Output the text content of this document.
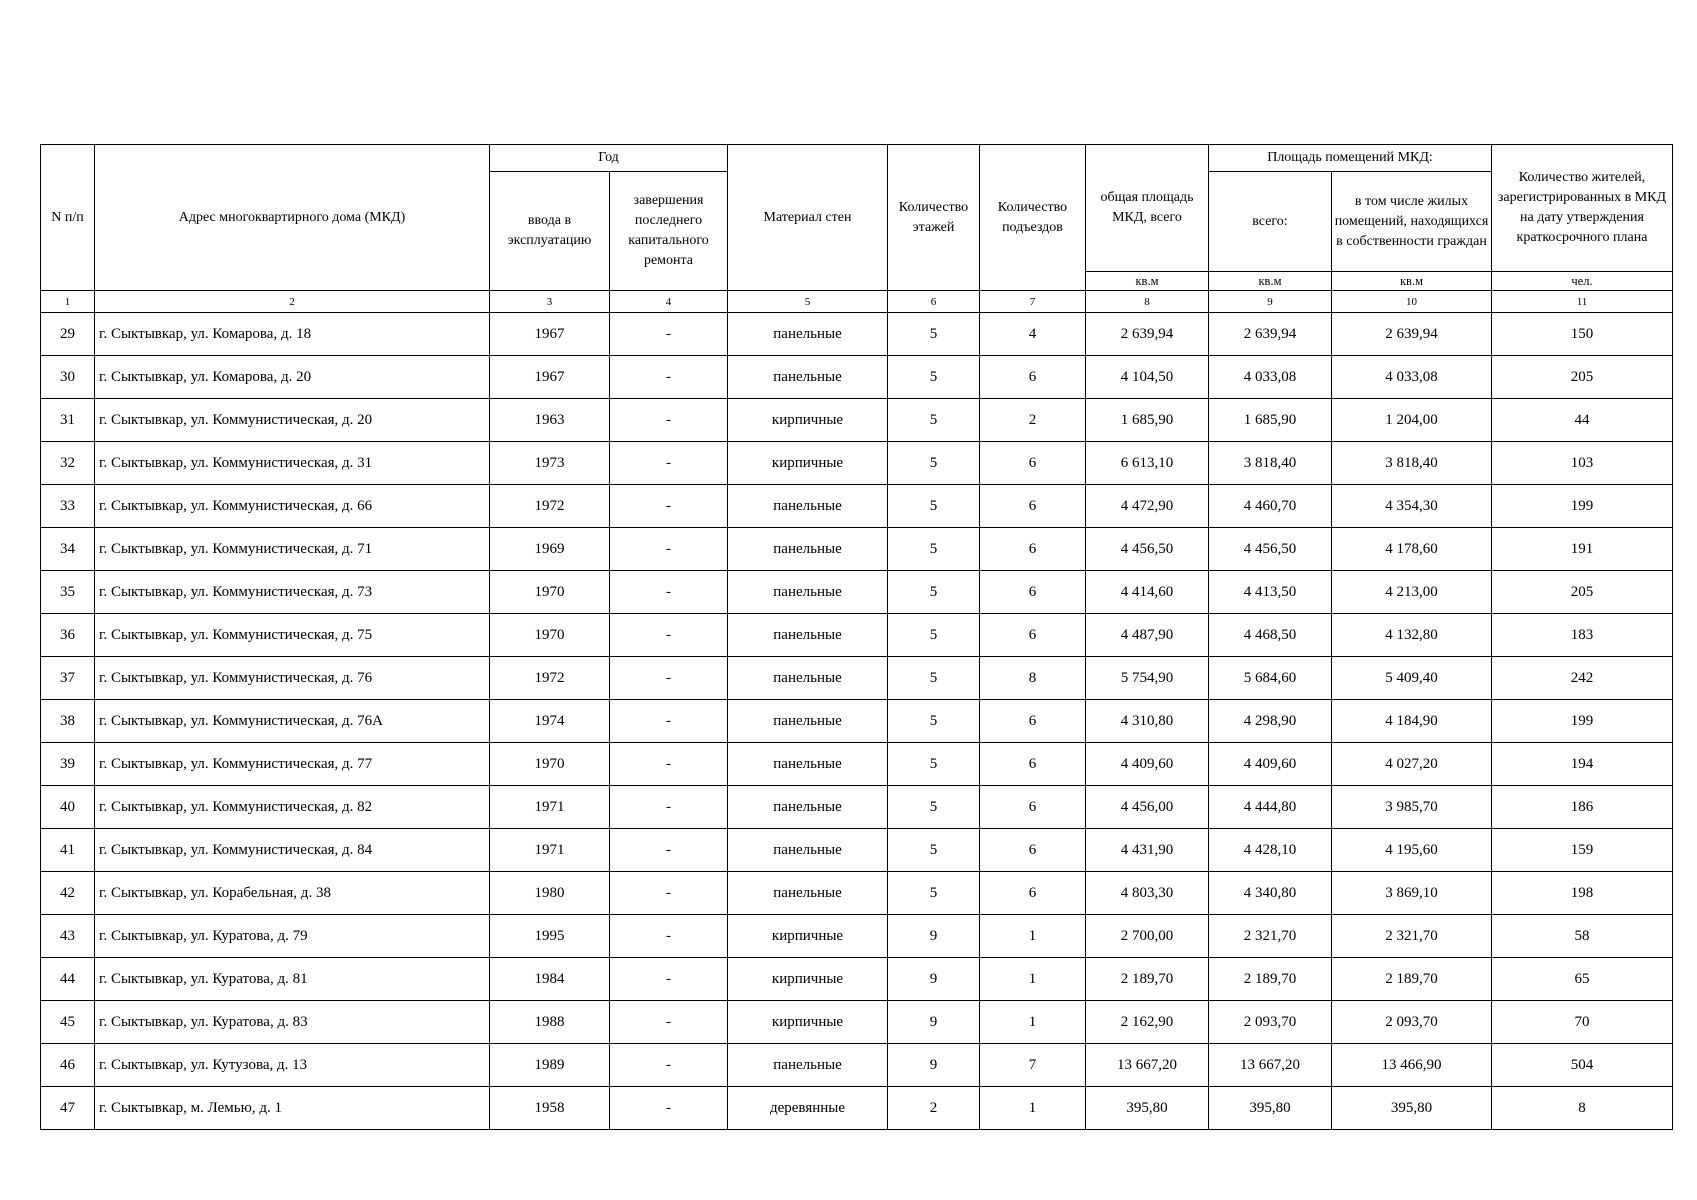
N п/п	Адрес многоквартирного дома (МКД)	Год		Материал стен	Количество этажей	Количество подъездов	общая площадь МКД, всего	Площадь помещений МКД:		Количество жителей, зарегистрированных в МКД на дату утверждения краткосрочного плана
		ввода в эксплуатацию	завершения последнего капитального ремонта					всего:	в том числе жилых помещений, находящихся в собственности граждан	
							кв.м	кв.м	кв.м	чел.
1	2	3	4	5	6	7	8	9	10	11
29	г. Сыктывкар, ул. Комарова, д. 18	1967	-	панельные	5	4	2 639,94	2 639,94	2 639,94	150
30	г. Сыктывкар, ул. Комарова, д. 20	1967	-	панельные	5	6	4 104,50	4 033,08	4 033,08	205
31	г. Сыктывкар, ул. Коммунистическая, д. 20	1963	-	кирпичные	5	2	1 685,90	1 685,90	1 204,00	44
32	г. Сыктывкар, ул. Коммунистическая, д. 31	1973	-	кирпичные	5	6	6 613,10	3 818,40	3 818,40	103
33	г. Сыктывкар, ул. Коммунистическая, д. 66	1972	-	панельные	5	6	4 472,90	4 460,70	4 354,30	199
34	г. Сыктывкар, ул. Коммунистическая, д. 71	1969	-	панельные	5	6	4 456,50	4 456,50	4 178,60	191
35	г. Сыктывкар, ул. Коммунистическая, д. 73	1970	-	панельные	5	6	4 414,60	4 413,50	4 213,00	205
36	г. Сыктывкар, ул. Коммунистическая, д. 75	1970	-	панельные	5	6	4 487,90	4 468,50	4 132,80	183
37	г. Сыктывкар, ул. Коммунистическая, д. 76	1972	-	панельные	5	8	5 754,90	5 684,60	5 409,40	242
38	г. Сыктывкар, ул. Коммунистическая, д. 76А	1974	-	панельные	5	6	4 310,80	4 298,90	4 184,90	199
39	г. Сыктывкар, ул. Коммунистическая, д. 77	1970	-	панельные	5	6	4 409,60	4 409,60	4 027,20	194
40	г. Сыктывкар, ул. Коммунистическая, д. 82	1971	-	панельные	5	6	4 456,00	4 444,80	3 985,70	186
41	г. Сыктывкар, ул. Коммунистическая, д. 84	1971	-	панельные	5	6	4 431,90	4 428,10	4 195,60	159
42	г. Сыктывкар, ул. Корабельная, д. 38	1980	-	панельные	5	6	4 803,30	4 340,80	3 869,10	198
43	г. Сыктывкар, ул. Куратова, д. 79	1995	-	кирпичные	9	1	2 700,00	2 321,70	2 321,70	58
44	г. Сыктывкар, ул. Куратова, д. 81	1984	-	кирпичные	9	1	2 189,70	2 189,70	2 189,70	65
45	г. Сыктывкар, ул. Куратова, д. 83	1988	-	кирпичные	9	1	2 162,90	2 093,70	2 093,70	70
46	г. Сыктывкар, ул. Кутузова, д. 13	1989	-	панельные	9	7	13 667,20	13 667,20	13 466,90	504
47	г. Сыктывкар, м. Лемью, д. 1	1958	-	деревянные	2	1	395,80	395,80	395,80	8
